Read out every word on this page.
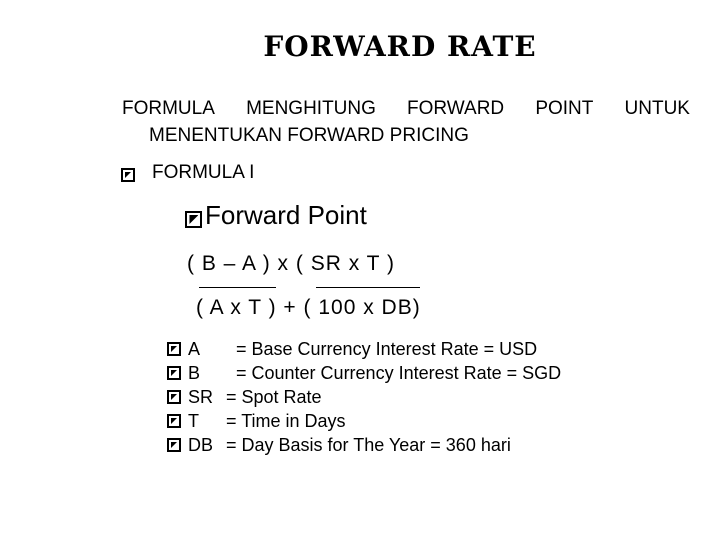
FORWARD RATE
FORMULA MENGHITUNG FORWARD POINT UNTUK
MENENTUKAN FORWARD PRICING

FORMULA I
Forward Point
( B – A ) x ( SR x T )
( A x T ) + ( 100 x DB)
A	= Base Currency Interest Rate = USD
B	= Counter Currency Interest Rate = SGD
SR = Spot Rate
T	= Time in Days
DB = Day Basis for The Year = 360 hari
